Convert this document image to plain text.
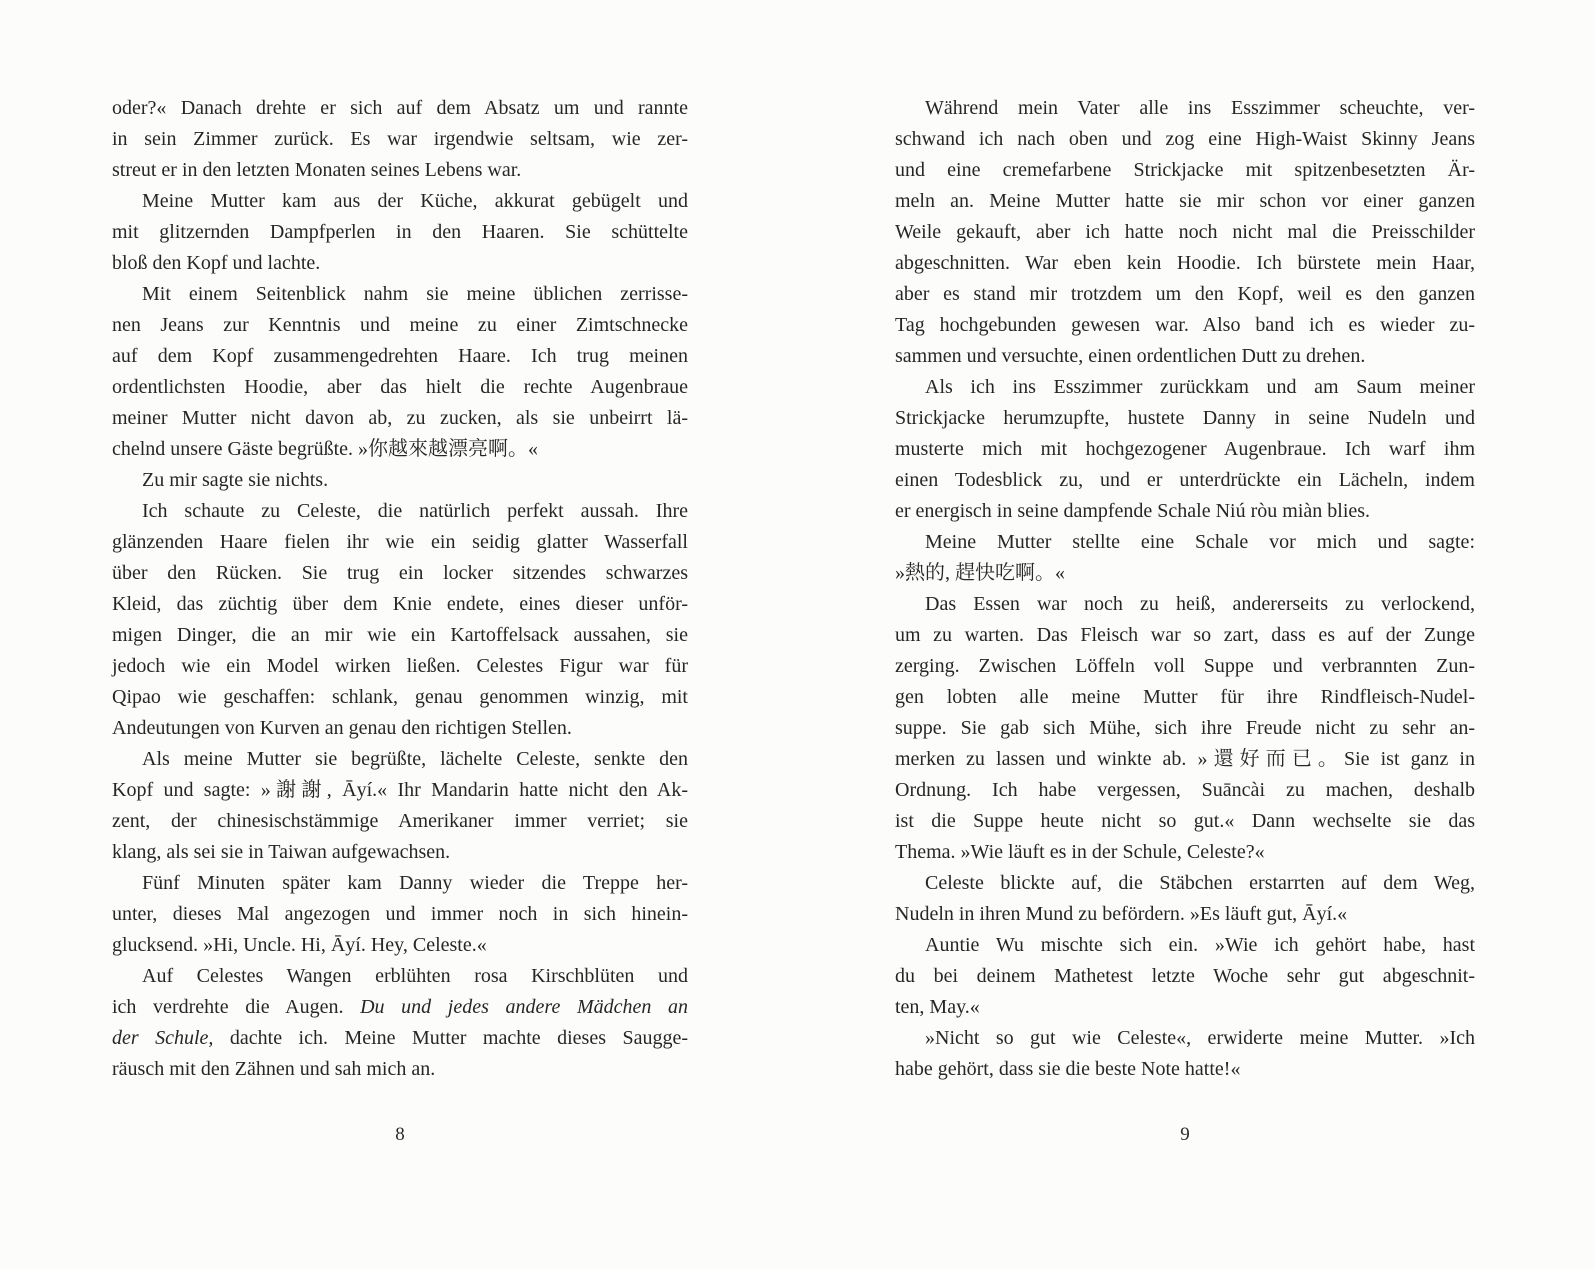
oder?« Danach drehte er sich auf dem Absatz um und rannte
in sein Zimmer zurück. Es war irgendwie seltsam, wie zer-
streut er in den letzten Monaten seines Lebens war.

Meine Mutter kam aus der Küche, akkurat gebügelt und
mit glitzernden Dampfperlen in den Haaren. Sie schüttelte
bloß den Kopf und lachte.

Mit einem Seitenblick nahm sie meine üblichen zerrisse-
nen Jeans zur Kenntnis und meine zu einer Zimtschnecke
auf dem Kopf zusammengedrehten Haare. Ich trug meinen
ordentlichsten Hoodie, aber das hielt die rechte Augenbraue
meiner Mutter nicht davon ab, zu zucken, als sie unbeirrt lä-
chelnd unsere Gäste begrüßte. »你越來越漂亮啊。«

Zu mir sagte sie nichts.

Ich schaute zu Celeste, die natürlich perfekt aussah. Ihre
glänzenden Haare fielen ihr wie ein seidig glatter Wasserfall
über den Rücken. Sie trug ein locker sitzendes schwarzes
Kleid, das züchtig über dem Knie endete, eines dieser unför-
migen Dinger, die an mir wie ein Kartoffelsack aussahen, sie
jedoch wie ein Model wirken ließen. Celestes Figur war für
Qipao wie geschaffen: schlank, genau genommen winzig, mit
Andeutungen von Kurven an genau den richtigen Stellen.

Als meine Mutter sie begrüßte, lächelte Celeste, senkte den
Kopf und sagte: »謝謝, Āyí.« Ihr Mandarin hatte nicht den Ak-
zent, der chinesischstämmige Amerikaner immer verriet; sie
klang, als sei sie in Taiwan aufgewachsen.

Fünf Minuten später kam Danny wieder die Treppe her-
unter, dieses Mal angezogen und immer noch in sich hinein-
glucksend. »Hi, Uncle. Hi, Āyí. Hey, Celeste.«

Auf Celestes Wangen erblühten rosa Kirschblüten und
ich verdrehte die Augen. Du und jedes andere Mädchen an
der Schule, dachte ich. Meine Mutter machte dieses Saugge-
räusch mit den Zähnen und sah mich an.

Während mein Vater alle ins Esszimmer scheuchte, ver-
schwand ich nach oben und zog eine High-Waist Skinny Jeans
und eine cremefarbene Strickjacke mit spitzenbesetzten Är-
meln an. Meine Mutter hatte sie mir schon vor einer ganzen
Weile gekauft, aber ich hatte noch nicht mal die Preisschilder
abgeschnitten. War eben kein Hoodie. Ich bürstete mein Haar,
aber es stand mir trotzdem um den Kopf, weil es den ganzen
Tag hochgebunden gewesen war. Also band ich es wieder zu-
sammen und versuchte, einen ordentlichen Dutt zu drehen.

Als ich ins Esszimmer zurückkam und am Saum meiner
Strickjacke herumzupfte, hustete Danny in seine Nudeln und
musterte mich mit hochgezogener Augenbraue. Ich warf ihm
einen Todesblick zu, und er unterdrückte ein Lächeln, indem
er energisch in seine dampfende Schale Niú ròu miàn blies.

Meine Mutter stellte eine Schale vor mich und sagte:
»熱的, 趕快吃啊。«

Das Essen war noch zu heiß, andererseits zu verlockend,
um zu warten. Das Fleisch war so zart, dass es auf der Zunge
zerging. Zwischen Löffeln voll Suppe und verbrannten Zun-
gen lobten alle meine Mutter für ihre Rindfleisch-Nudel-
suppe. Sie gab sich Mühe, sich ihre Freude nicht zu sehr an-
merken zu lassen und winkte ab. »還好而已。Sie ist ganz in
Ordnung. Ich habe vergessen, Suāncài zu machen, deshalb
ist die Suppe heute nicht so gut.« Dann wechselte sie das
Thema. »Wie läuft es in der Schule, Celeste?«

Celeste blickte auf, die Stäbchen erstarrten auf dem Weg,
Nudeln in ihren Mund zu befördern. »Es läuft gut, Āyí.«

Auntie Wu mischte sich ein. »Wie ich gehört habe, hast
du bei deinem Mathetest letzte Woche sehr gut abgeschnit-
ten, May.«

»Nicht so gut wie Celeste«, erwiderte meine Mutter. »Ich
habe gehört, dass sie die beste Note hatte!«

8	9
